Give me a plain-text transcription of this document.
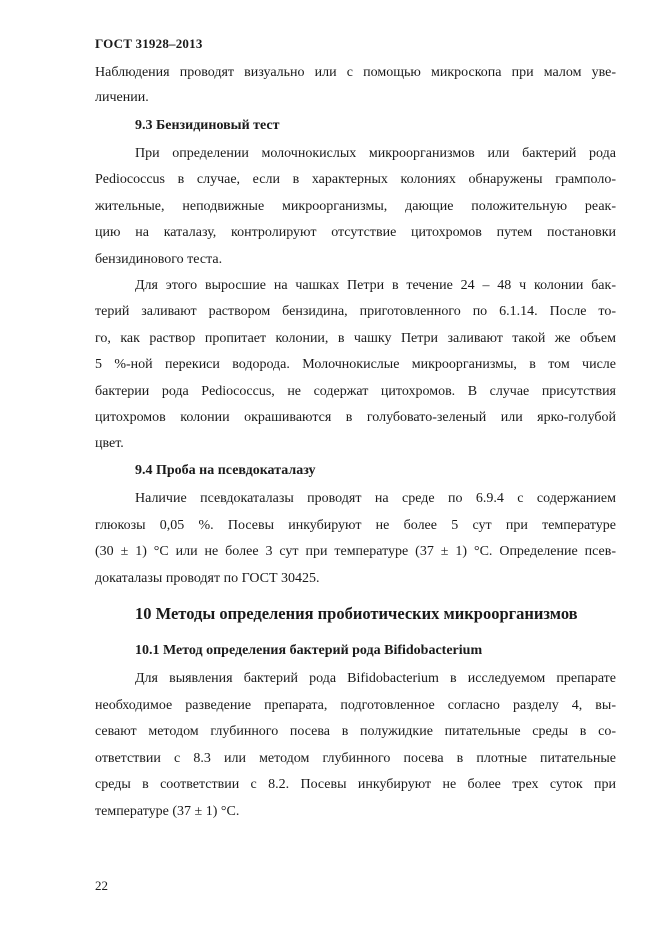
ГОСТ 31928–2013
Наблюдения проводят визуально или с помощью микроскопа при малом уве-
личении.
9.3 Бензидиновый тест
При определении молочнокислых микроорганизмов или бактерий рода
Pediococcus в случае, если в характерных колониях обнаружены грамполо-
жительные, неподвижные микроорганизмы, дающие положительную реак-
цию на каталазу, контролируют отсутствие цитохромов путем постановки
бензидинового теста.
Для этого выросшие на чашках Петри в течение 24 – 48 ч колонии бак-
терий заливают раствором бензидина, приготовленного по 6.1.14. После то-
го, как раствор пропитает колонии, в чашку Петри заливают такой же объем
5 %-ной перекиси водорода. Молочнокислые микроорганизмы, в том числе
бактерии рода Pediococcus, не содержат цитохромов. В случае присутствия
цитохромов колонии окрашиваются в голубовато-зеленый или ярко-голубой
цвет.
9.4 Проба на псевдокаталазу
Наличие псевдокаталазы проводят на среде по 6.9.4 с содержанием
глюкозы 0,05 %. Посевы инкубируют не более 5 сут при температуре
(30 ± 1) °С или не более 3 сут при температуре (37 ± 1) °С. Определение псев-
докаталазы проводят по ГОСТ 30425.
10 Методы определения пробиотических микроорганизмов
10.1 Метод определения бактерий рода Bifidobacterium
Для выявления бактерий рода Bifidobacterium в исследуемом препарате
необходимое разведение препарата, подготовленное согласно разделу 4, вы-
севают методом глубинного посева в полужидкие питательные среды в со-
ответствии с 8.3 или методом глубинного посева в плотные питательные
среды в соответствии с 8.2. Посевы инкубируют не более трех суток при
температуре (37 ± 1) °С.
22
